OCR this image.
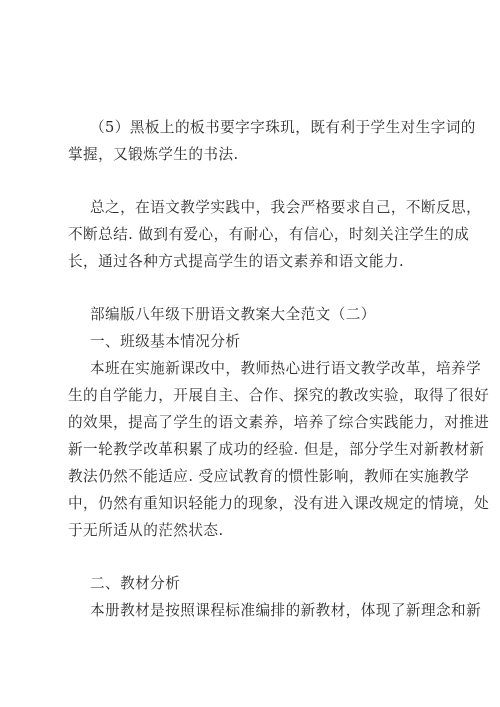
（5）黑板上的板书要字字珠玑，既有利于学生对生字词的
掌握，又锻炼学生的书法.
总之，在语文教学实践中，我会严格要求自己，不断反思，
不断总结. 做到有爱心，有耐心，有信心，时刻关注学生的成
长，通过各种方式提高学生的语文素养和语文能力.
部编版八年级下册语文教案大全范文（二）
一、班级基本情况分析
本班在实施新课改中，教师热心进行语文教学改革，培养学
生的自学能力，开展自主、合作、探究的教改实验，取得了很好
的效果，提高了学生的语文素养，培养了综合实践能力，对推进
新一轮教学改革积累了成功的经验. 但是，部分学生对新教材新
教法仍然不能适应. 受应试教育的惯性影响，教师在实施教学
中，仍然有重知识轻能力的现象，没有进入课改规定的情境，处
于无所适从的茫然状态.
二、教材分析
本册教材是按照课程标准编排的新教材，体现了新理念和新
